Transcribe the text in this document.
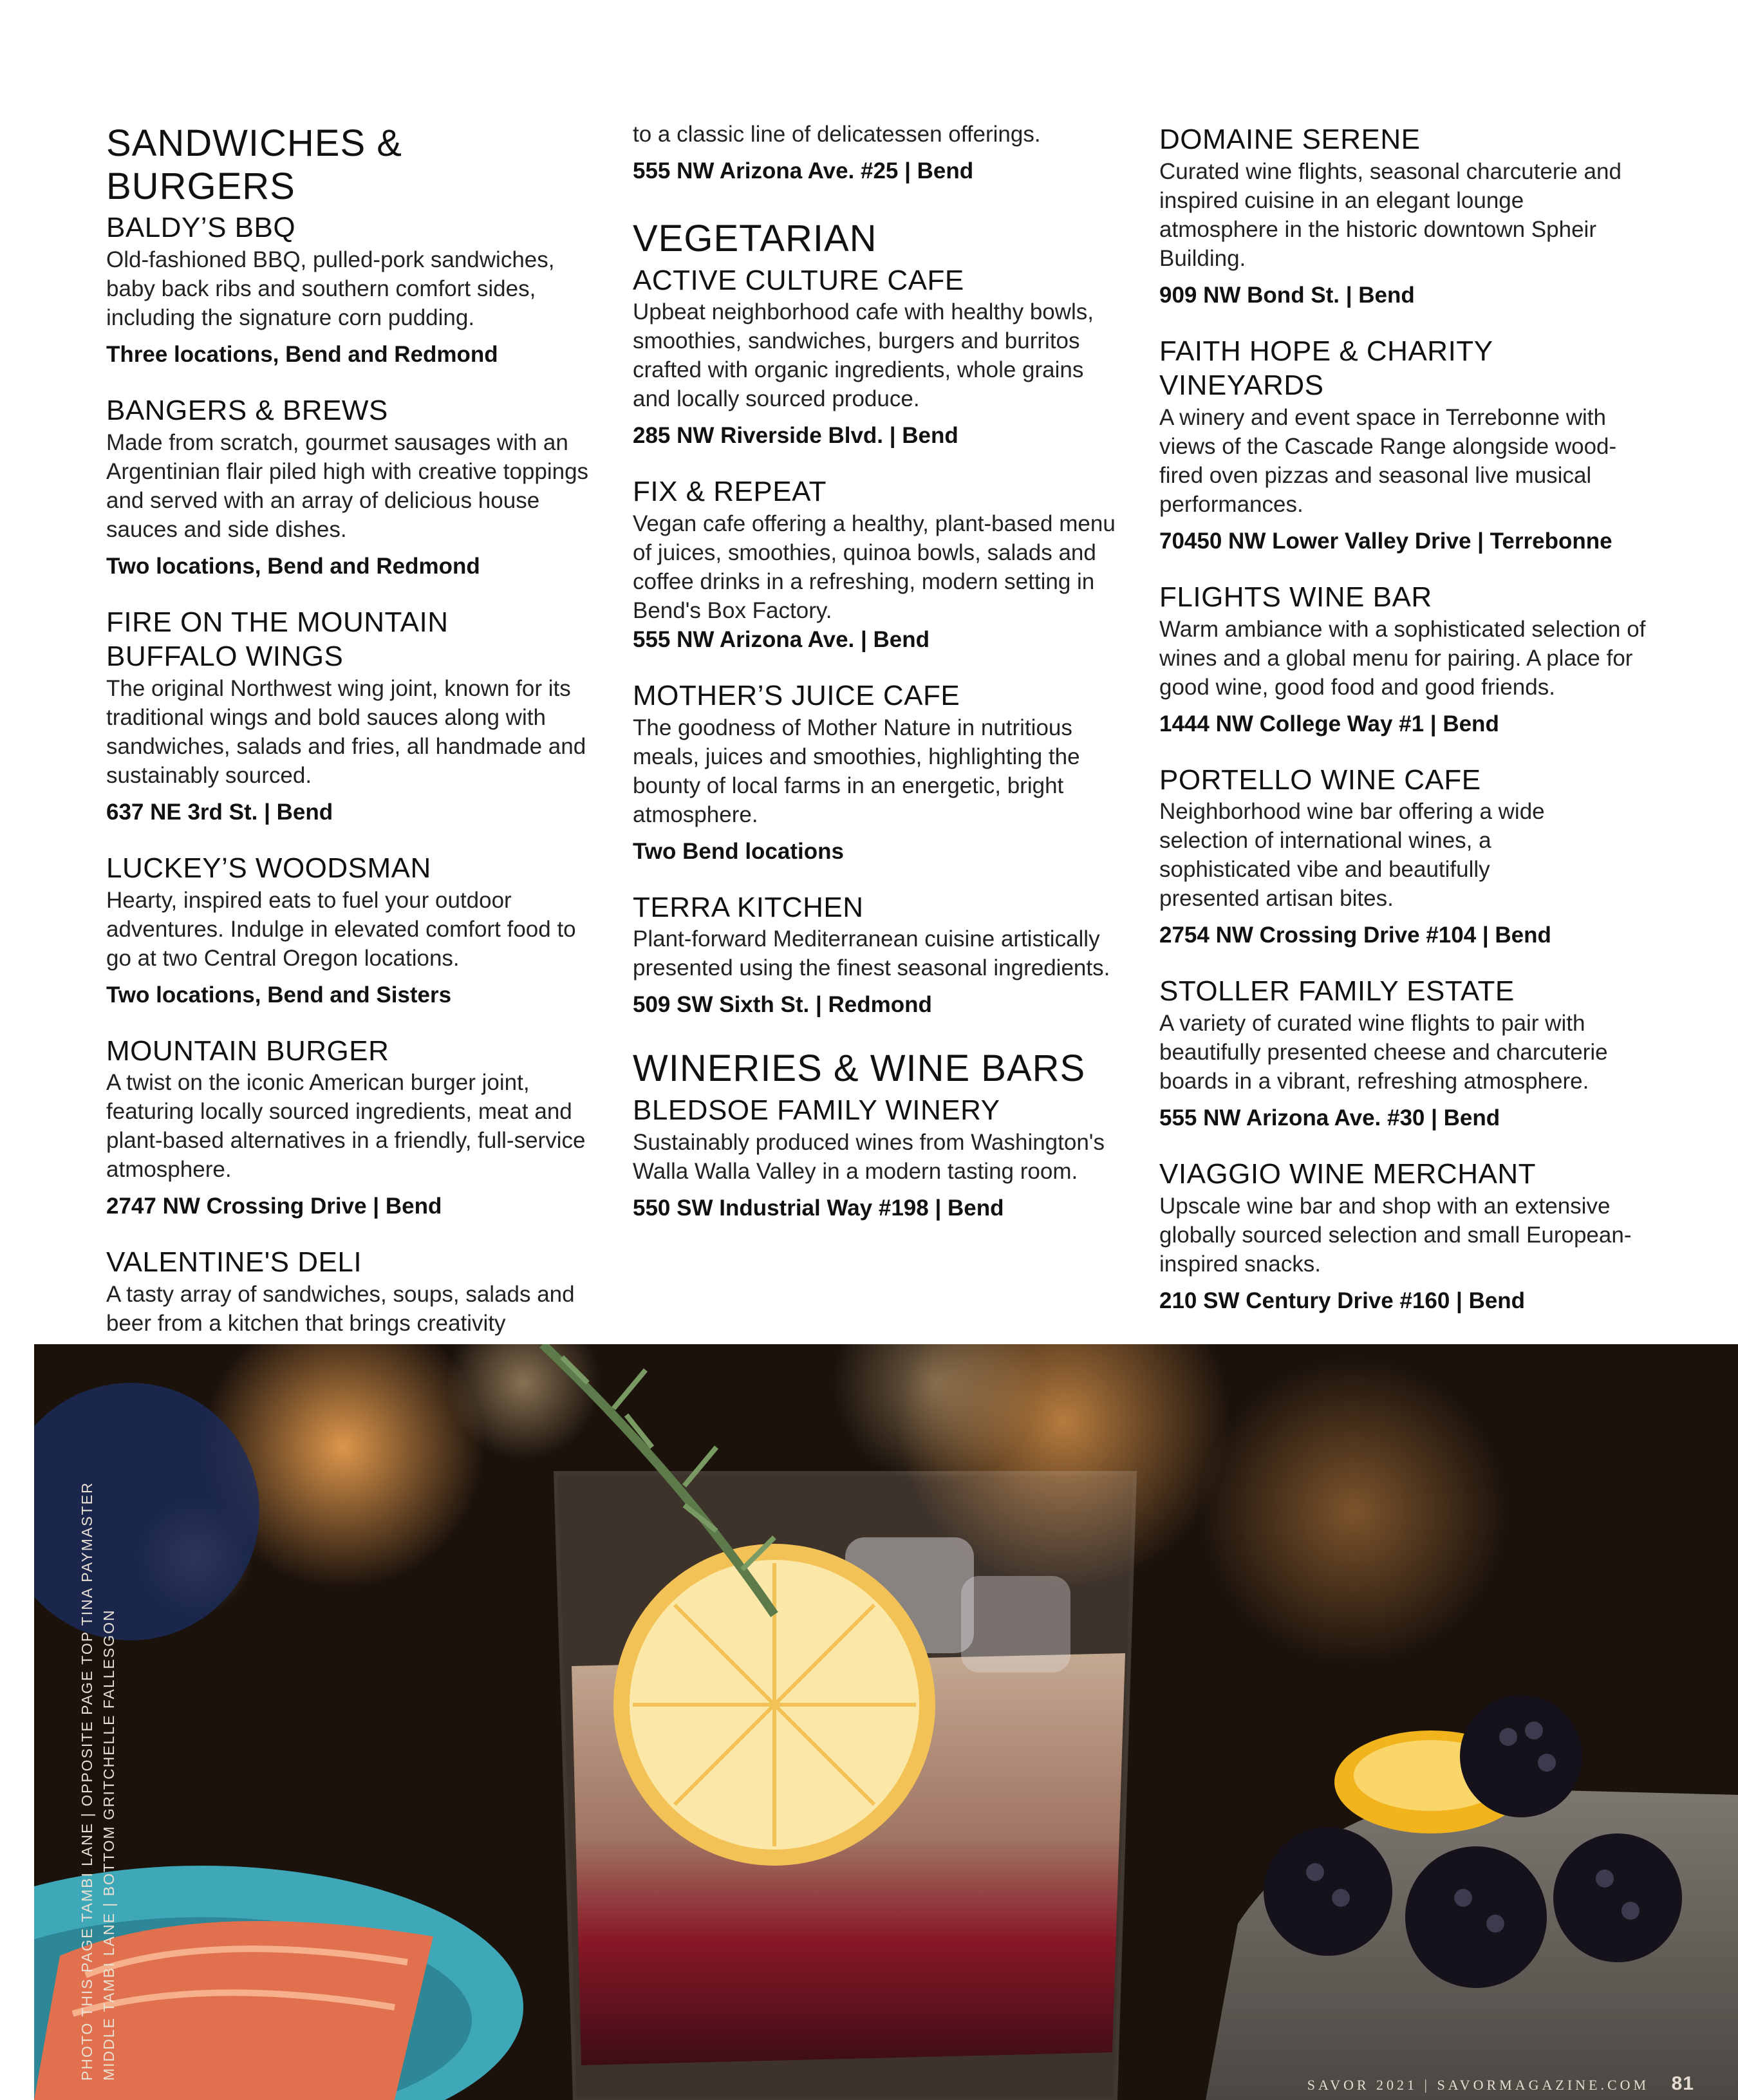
SANDWICHES & BURGERS
BALDY’S BBQ

Old-fashioned BBQ, pulled-pork sandwiches, baby back ribs and southern comfort sides, including the signature corn pudding.

Three locations, Bend and Redmond

BANGERS & BREWS

Made from scratch, gourmet sausages with an Argentinian flair piled high with creative toppings and served with an array of delicious house sauces and side dishes.

Two locations, Bend and Redmond

FIRE ON THE MOUNTAIN BUFFALO WINGS

The original Northwest wing joint, known for its traditional wings and bold sauces along with sandwiches, salads and fries, all handmade and sustainably sourced.

637 NE 3rd St. | Bend

LUCKEY’S WOODSMAN

Hearty, inspired eats to fuel your outdoor adventures. Indulge in elevated comfort food to go at two Central Oregon locations.

Two locations, Bend and Sisters

MOUNTAIN BURGER

A twist on the iconic American burger joint, featuring locally sourced ingredients, meat and plant-based alternatives in a friendly, full-service atmosphere.

2747 NW Crossing Drive | Bend

VALENTINE'S DELI

A tasty array of sandwiches, soups, salads and beer from a kitchen that brings creativity

to a classic line of delicatessen offerings.

555 NW Arizona Ave. #25 | Bend

VEGETARIAN
ACTIVE CULTURE CAFE

Upbeat neighborhood cafe with healthy bowls, smoothies, sandwiches, burgers and burritos crafted with organic ingredients, whole grains and locally sourced produce.

285 NW Riverside Blvd. | Bend

FIX & REPEAT

Vegan cafe offering a healthy, plant-based menu of juices, smoothies, quinoa bowls, salads and coffee drinks in a refreshing, modern setting in Bend's Box Factory.

555 NW Arizona Ave. | Bend

MOTHER’S JUICE CAFE

The goodness of Mother Nature in nutritious meals, juices and smoothies, highlighting the bounty of local farms in an energetic, bright atmosphere.

Two Bend locations

TERRA KITCHEN

Plant-forward Mediterranean cuisine artistically presented using the finest seasonal ingredients.

509 SW Sixth St. | Redmond

WINERIES & WINE BARS
BLEDSOE FAMILY WINERY

Sustainably produced wines from Washington's Walla Walla Valley in a modern tasting room.

550 SW Industrial Way #198 | Bend

DOMAINE SERENE

Curated wine flights, seasonal charcuterie and inspired cuisine in an elegant lounge atmosphere in the historic downtown Spheir Building.

909 NW Bond St. | Bend

FAITH HOPE & CHARITY VINEYARDS

A winery and event space in Terrebonne with views of the Cascade Range alongside wood-fired oven pizzas and seasonal live musical performances.

70450 NW Lower Valley Drive | Terrebonne

FLIGHTS WINE BAR

Warm ambiance with a sophisticated selection of wines and a global menu for pairing. A place for good wine, good food and good friends.

1444 NW College Way #1 | Bend

PORTELLO WINE CAFE

Neighborhood wine bar offering a wide selection of international wines, a sophisticated vibe and beautifully presented artisan bites.

2754 NW Crossing Drive #104 | Bend

STOLLER FAMILY ESTATE

A variety of curated wine flights to pair with beautifully presented cheese and charcuterie boards in a vibrant, refreshing atmosphere.

555 NW Arizona Ave. #30 | Bend

VIAGGIO WINE MERCHANT

Upscale wine bar and shop with an extensive globally sourced selection and small European-inspired snacks.

210 SW Century Drive #160 | Bend

PHOTO THIS PAGE TAMBI LANE | OPPOSITE PAGE TOP TINA PAYMASTER MIDDLE TAMBI LANE | BOTTOM GRITCHELLE FALLESGON
SAVOR 2021 | SAVORMAGAZINE.COM 81
